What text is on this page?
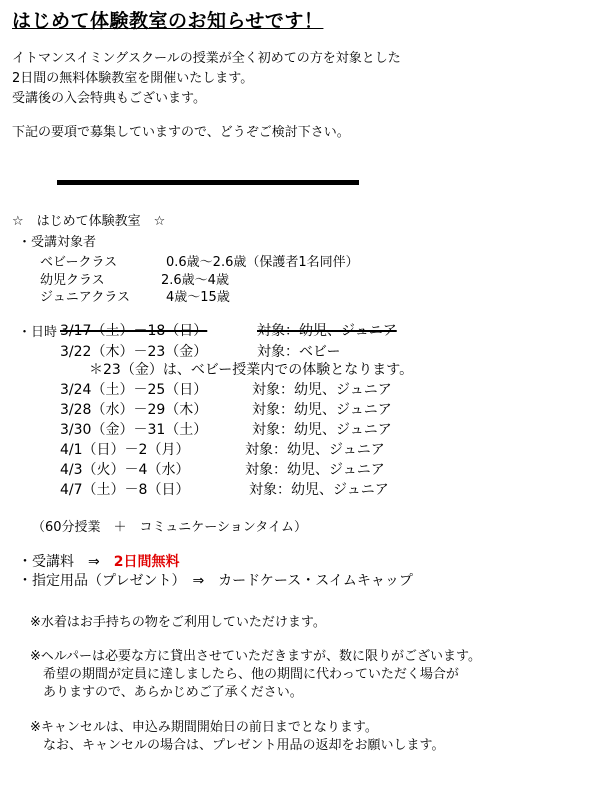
はじめて体験教室のお知らせです！
イトマンスイミングスクールの授業が全く初めての方を対象とした
2日間の無料体験教室を開催いたします。
受講後の入会特典もございます。
下記の要項で募集していますので、どうぞご検討下さい。
☆　はじめて体験教室　☆
・受講対象者
ベビークラス	0.6歳～2.6歳（保護者1名同伴）
幼児クラス	2.6歳～4歳
ジュニアクラス	4歳～15歳
・日時 3/17（土）－18（日）	対象：幼児、ジュニア
3/22（木）－23（金）	対象：ベビー
＊23（金）は、ベビー授業内での体験となります。
3/24（土）－25（日）	対象：幼児、ジュニア
3/28（水）－29（木）	対象：幼児、ジュニア
3/30（金）－31（土）	対象：幼児、ジュニア
4/1（日）－2（月）	対象：幼児、ジュニア
4/3（火）－4（水）	対象：幼児、ジュニア
4/7（土）－8（日）	対象：幼児、ジュニア
（60分授業　＋　コミュニケーションタイム）
・受講料　⇒　2日間無料
・指定用品（プレゼント）　⇒　カードケース・スイムキャップ
※水着はお手持ちの物をご利用していただけます。
※ヘルパーは必要な方に貸出させていただきますが、数に限りがございます。
　希望の期間が定員に達しましたら、他の期間に代わっていただく場合が
　ありますので、あらかじめご了承ください。
※キャンセルは、申込み期間開始日の前日までとなります。
　なお、キャンセルの場合は、プレゼント用品の返却をお願いします。
